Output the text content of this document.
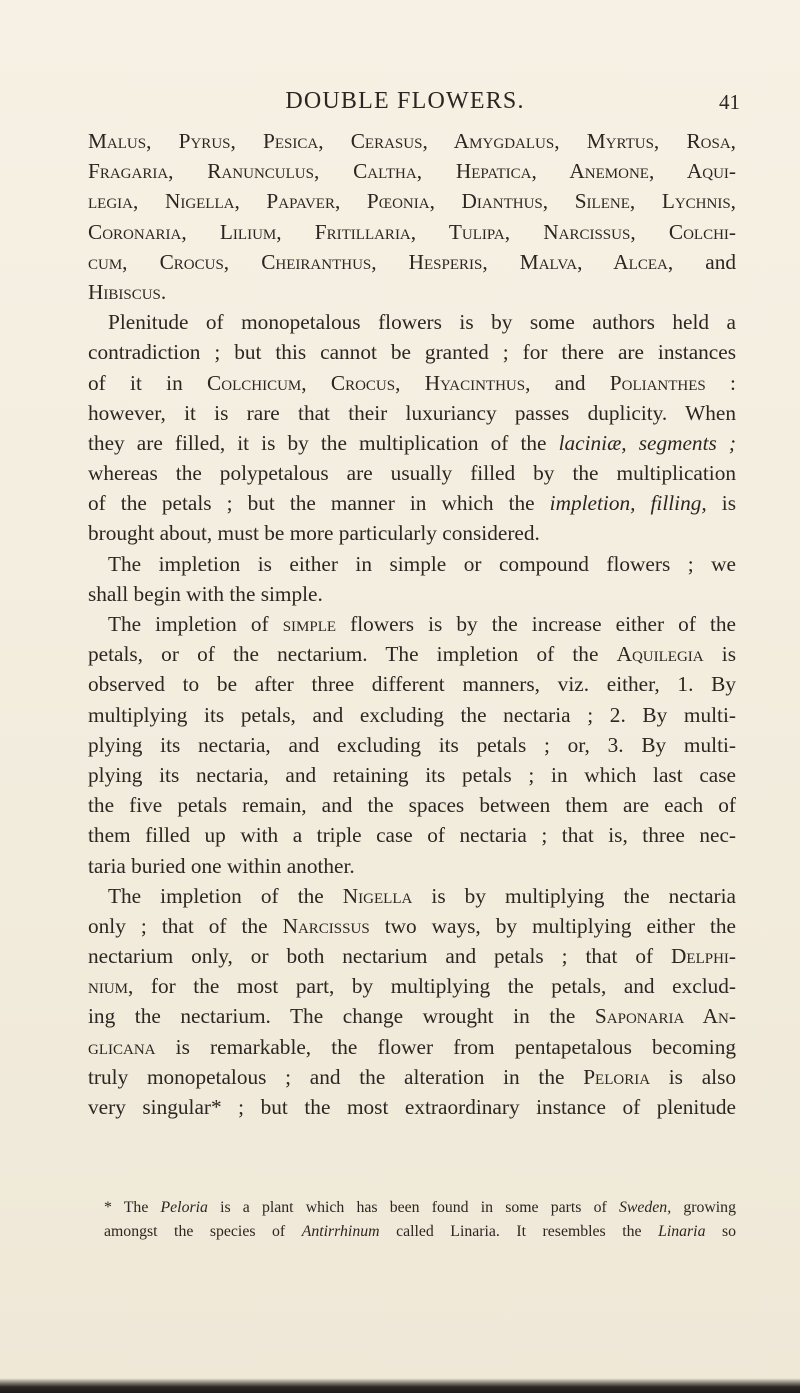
DOUBLE FLOWERS.	41
Malus, Pyrus, Pesica, Cerasus, Amygdalus, Myrtus, Rosa,
Fragaria, Ranunculus, Caltha, Hepatica, Anemone, Aqui-
legia, Nigella, Papaver, Pœonia, Dianthus, Silene, Lychnis,
Coronaria, Lilium, Fritillaria, Tulipa, Narcissus, Colchi-
cum, Crocus, Cheiranthus, Hesperis, Malva, Alcea, and
Hibiscus.
Plenitude of monopetalous flowers is by some authors held a
contradiction ; but this cannot be granted ; for there are instances
of it in Colchicum, Crocus, Hyacinthus, and Polianthes :
however, it is rare that their luxuriancy passes duplicity. When
they are filled, it is by the multiplication of the laciniæ, segments ;
whereas the polypetalous are usually filled by the multiplication
of the petals ; but the manner in which the impletion, filling, is
brought about, must be more particularly considered.
The impletion is either in simple or compound flowers ; we
shall begin with the simple.
The impletion of simple flowers is by the increase either of the
petals, or of the nectarium. The impletion of the Aquilegia is
observed to be after three different manners, viz. either, 1. By
multiplying its petals, and excluding the nectaria ; 2. By multi-
plying its nectaria, and excluding its petals ; or, 3. By multi-
plying its nectaria, and retaining its petals ; in which last case
the five petals remain, and the spaces between them are each of
them filled up with a triple case of nectaria ; that is, three nec-
taria buried one within another.
The impletion of the Nigella is by multiplying the nectaria
only ; that of the Narcissus two ways, by multiplying either the
nectarium only, or both nectarium and petals ; that of Delphi-
nium, for the most part, by multiplying the petals, and exclud-
ing the nectarium. The change wrought in the Saponaria An-
glicana is remarkable, the flower from pentapetalous becoming
truly monopetalous ; and the alteration in the Peloria is also
very singular* ; but the most extraordinary instance of plenitude
* The Peloria is a plant which has been found in some parts of Sweden, growing
amongst the species of Antirrhinum called Linaria. It resembles the Linaria so
